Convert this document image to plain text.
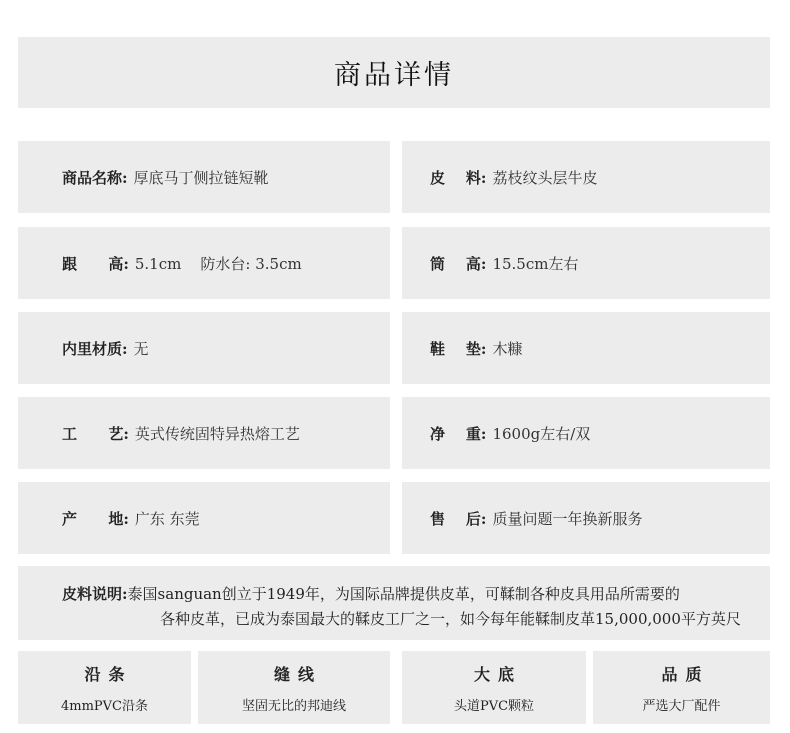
商品详情
商品名称: 厚底马丁侧拉链短靴	皮    料: 荔枝纹头层牛皮
跟      高: 5.1cm    防水台: 3.5cm	筒    高: 15.5cm左右
内里材质: 无	鞋    垫: 木糠
工      艺: 英式传统固特异热熔工艺	净    重: 1600g左右/双
产      地: 广东 东莞	售    后: 质量问题一年换新服务
皮料说明:泰国sanguan创立于1949年，为国际品牌提供皮革，可鞣制各种皮具用品所需要的
各种皮革，已成为泰国最大的鞣皮工厂之一，如今每年能鞣制皮革15,000,000平方英尺
沿条
4mmPVC沿条
缝线
坚固无比的邦迪线
大底
头道PVC颗粒
品质
严选大厂配件
